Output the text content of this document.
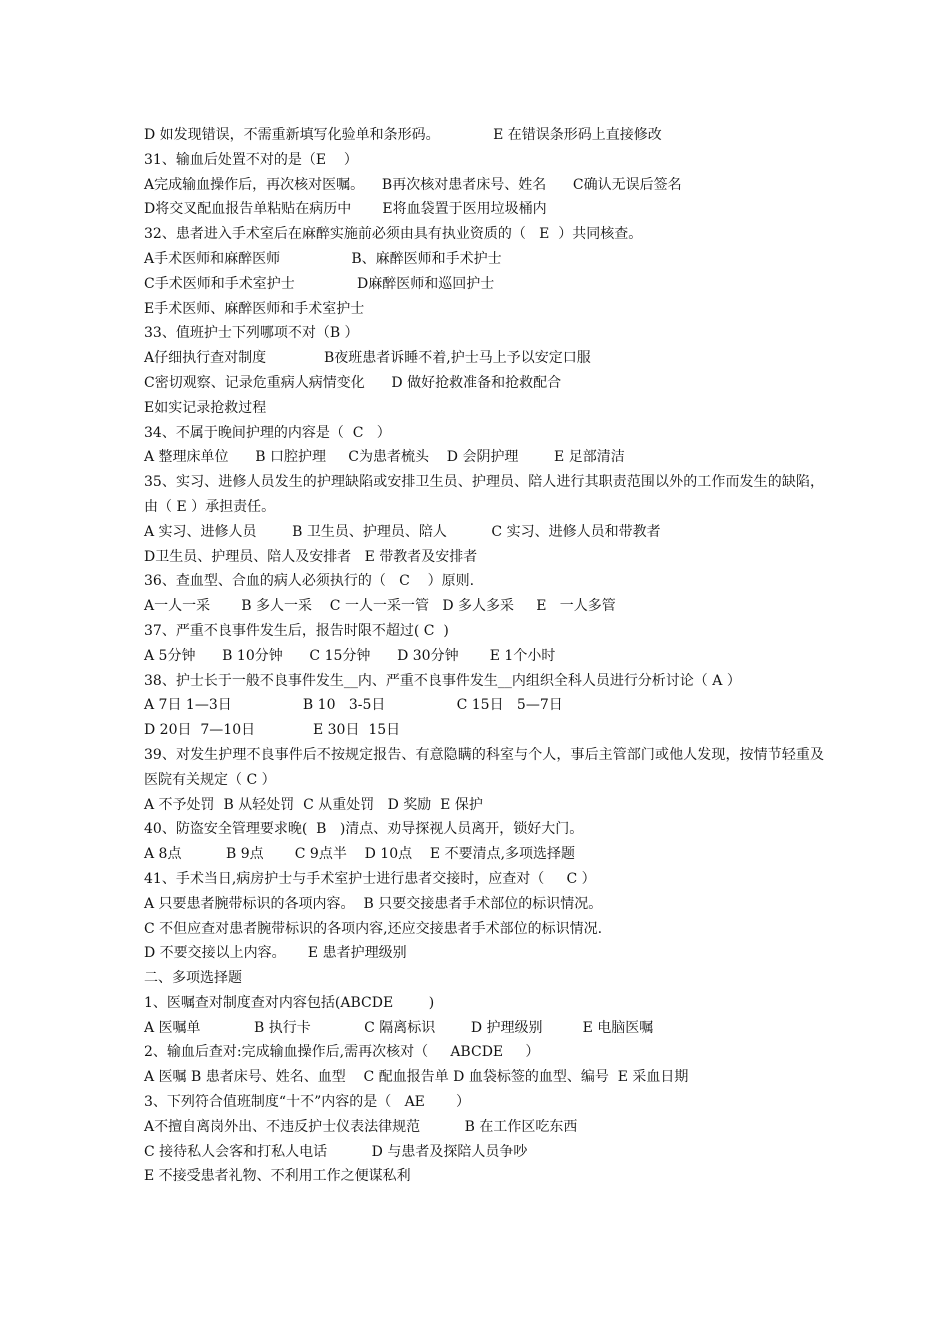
D 如发现错误，不需重新填写化验单和条形码。            E 在错误条形码上直接修改
31、输血后处置不对的是（E    ）
A完成输血操作后，再次核对医嘱。    B再次核对患者床号、姓名      C确认无误后签名
D将交叉配血报告单粘贴在病历中       E将血袋置于医用垃圾桶内
32、患者进入手术室后在麻醉实施前必须由具有执业资质的（   E  ）共同核查。
A手术医师和麻醉医师                B、麻醉医师和手术护士
C手术医师和手术室护士              D麻醉医师和巡回护士
E手术医师、麻醉医师和手术室护士
33、值班护士下列哪项不对（B ）
A仔细执行查对制度             B夜班患者诉睡不着,护士马上予以安定口服
C密切观察、记录危重病人病情变化      D 做好抢救准备和抢救配合
E如实记录抢救过程
34、不属于晚间护理的内容是（  C   ）
A 整理床单位      B 口腔护理     C为患者梳头    D 会阴护理        E 足部清洁
35、实习、进修人员发生的护理缺陷或安排卫生员、护理员、陪人进行其职责范围以外的工作而发生的缺陷，由（ E ）承担责任。
A 实习、进修人员        B 卫生员、护理员、陪人          C 实习、进修人员和带教者
D卫生员、护理员、陪人及安排者   E 带教者及安排者
36、查血型、合血的病人必须执行的（   C    ）原则.
A一人一采       B 多人一采    C 一人一采一管   D 多人多采     E   一人多管
37、严重不良事件发生后，报告时限不超过( C  )
A 5分钟      B 10分钟      C 15分钟      D 30分钟       E 1个小时
38、护士长于一般不良事件发生__内、严重不良事件发生__内组织全科人员进行分析讨论（ A ）
A 7日 1—3日                B 10   3-5日                C 15日   5—7日
D 20日  7—10日             E 30日  15日
39、对发生护理不良事件后不按规定报告、有意隐瞒的科室与个人，事后主管部门或他人发现，按情节轻重及医院有关规定（ C ）
A 不予处罚  B 从轻处罚  C 从重处罚   D 奖励  E 保护
40、防盗安全管理要求晚(  B   )清点、劝导探视人员离开，锁好大门。
A 8点          B 9点       C 9点半    D 10点    E 不要清点,多项选择题
41、手术当日,病房护士与手术室护士进行患者交接时，应查对（     C ）
A 只要患者腕带标识的各项内容。  B 只要交接患者手术部位的标识情况。
C 不但应查对患者腕带标识的各项内容,还应交接患者手术部位的标识情况.
D 不要交接以上内容。     E 患者护理级别
二、多项选择题
1、医嘱查对制度查对内容包括(ABCDE        )
A 医嘱单            B 执行卡            C 隔离标识        D 护理级别         E 电脑医嘱
2、输血后查对:完成输血操作后,需再次核对（     ABCDE     ）
A 医嘱 B 患者床号、姓名、血型    C 配血报告单 D 血袋标签的血型、编号  E 采血日期
3、下列符合值班制度“十不”内容的是（   AE       ）
A不擅自离岗外出、不违反护士仪表法律规范          B 在工作区吃东西
C 接待私人会客和打私人电话          D 与患者及探陪人员争吵
E 不接受患者礼物、不利用工作之便谋私利
